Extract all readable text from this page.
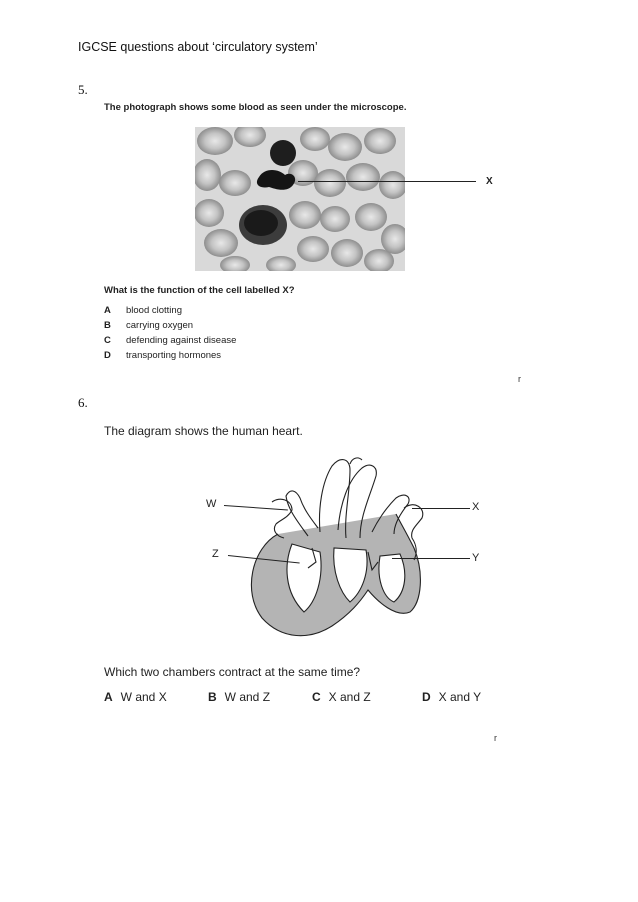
IGCSE questions about ‘circulatory system’
5.
The photograph shows some blood as seen under the microscope.
X
What is the function of the cell labelled X?
A blood clotting
B carrying oxygen
C defending against disease
D transporting hormones
r
6.
The diagram shows the human heart.
W	X
Z	Y
Which two chambers contract at the same time?
A W and X	B W and Z	C X and Z	D X and Y
r
